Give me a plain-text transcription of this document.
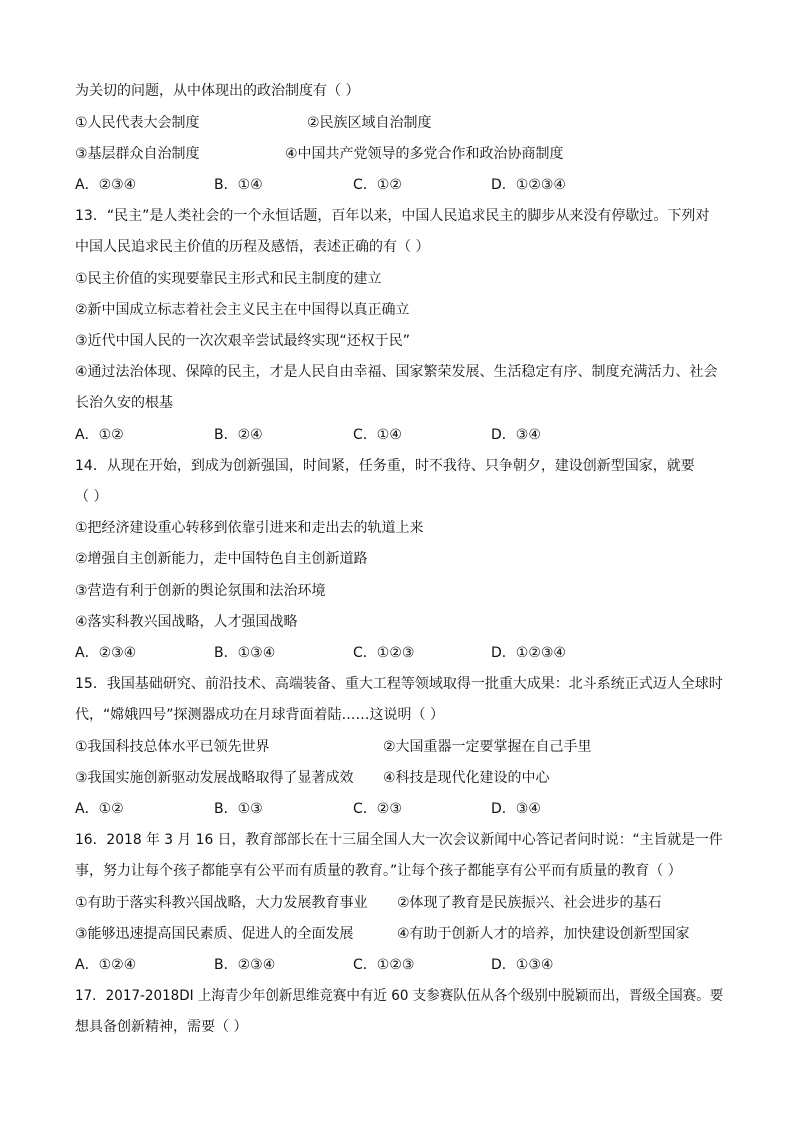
为关切的问题，从中体现出的政治制度有（ ）
①人民代表大会制度	②民族区域自治制度
③基层群众自治制度	④中国共产党领导的多党合作和政治协商制度
A．②③④	B．①④	C．①②	D．①②③④
13．“民主”是人类社会的一个永恒话题，百年以来，中国人民追求民主的脚步从来没有停歇过。下列对
中国人民追求民主价值的历程及感悟，表述正确的有（ ）
①民主价值的实现要靠民主形式和民主制度的建立
②新中国成立标志着社会主义民主在中国得以真正确立
③近代中国人民的一次次艰辛尝试最终实现“还权于民”
④通过法治体现、保障的民主，才是人民自由幸福、国家繁荣发展、生活稳定有序、制度充满活力、社会
长治久安的根基
A．①②	B．②④	C．①④	D．③④
14．从现在开始，到成为创新强国，时间紧，任务重，时不我待、只争朝夕，建设创新型国家，就要
（ ）
①把经济建设重心转移到依靠引进来和走出去的轨道上来
②增强自主创新能力，走中国特色自主创新道路
③营造有利于创新的舆论氛围和法治环境
④落实科教兴国战略，人才强国战略
A．②③④	B．①③④	C．①②③	D．①②③④
15．我国基础研究、前沿技术、高端装备、重大工程等领域取得一批重大成果：北斗系统正式迈人全球时
代，“嫦娥四号”探测器成功在月球背面着陆……这说明（ ）
①我国科技总体水平已领先世界	②大国重器一定要掌握在自己手里
③我国实施创新驱动发展战略取得了显著成效 ④科技是现代化建设的中心
A．①②	B．①③	C．②③	D．③④
16．2018 年 3 月 16 日，教育部部长在十三届全国人大一次会议新闻中心答记者问时说：“主旨就是一件
事，努力让每个孩子都能享有公平而有质量的教育。”让每个孩子都能享有公平而有质量的教育（ ）
①有助于落实科教兴国战略，大力发展教育事业 ②体现了教育是民族振兴、社会进步的基石
③能够迅速提高国民素质、促进人的全面发展	④有助于创新人才的培养，加快建设创新型国家
A．①②④	B．②③④	C．①②③	D．①③④
17．2017-2018DI 上海青少年创新思维竞赛中有近 60 支参赛队伍从各个级别中脱颖而出，晋级全国赛。要
想具备创新精神，需要（ ）
